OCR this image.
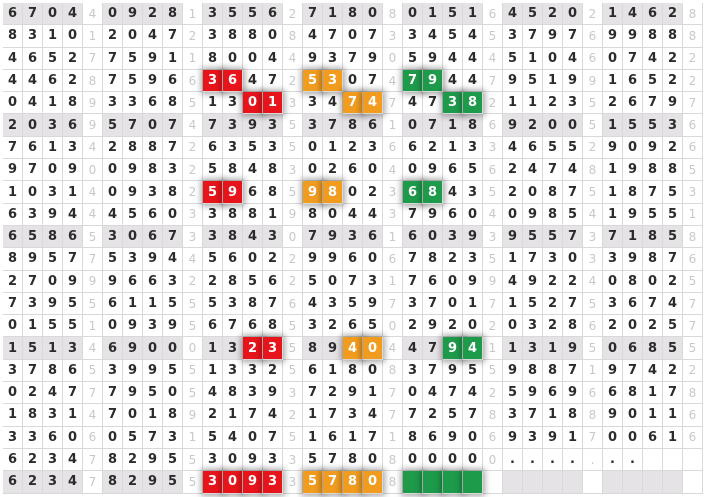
6 7 0 4 4 0 9 2 8 1 3 5 5 6 2 7 1 8 0 8 0 1 5 1 6 4 5 2 0 2 1 4 6 2 8
8 3 1 0 1 2 0 4 7 2 3 8 8 0 8 4 7 0 7 3 3 4 5 4 5 3 7 9 7 6 9 9 8 8 8
4 6 5 2 7 7 5 9 1 1 8 0 0 4 4 9 3 7 9 0 5 9 4 4 4 5 1 0 4 6 0 7 4 2 2
4 4 6 2 8 7 5 9 6 6 3 6 4 7 2 5 3 0 7 4 7 9 4 4 7 9 5 1 9 9 1 6 5 2 2
0 4 1 8 9 3 3 6 8 5 1 3 0 1 3 3 4 7 4 7 4 7 3 8 2 1 1 2 3 5 2 6 7 9 7
2 0 3 6 9 5 7 0 7 4 7 3 9 3 5 3 7 8 6 1 0 7 1 8 6 9 2 0 0 5 1 5 5 3 6
7 6 1 3 4 2 8 8 7 2 6 3 5 3 5 0 1 2 3 6 6 2 1 3 3 4 6 5 5 2 9 0 9 2 6
9 7 0 9 0 0 9 8 3 2 5 8 4 8 3 0 2 6 0 4 0 9 6 5 6 2 4 7 4 8 1 9 8 8 5
1 0 3 1 4 0 9 3 8 2 5 9 6 8 5 9 8 0 2 3 6 8 4 3 5 2 0 8 7 5 1 8 7 5 3
6 3 9 4 4 4 5 6 0 3 3 8 8 1 9 8 0 4 4 3 7 9 6 0 4 0 9 8 5 4 1 9 5 5 1
6 5 8 6 5 3 0 6 7 3 3 8 4 3 0 7 9 3 6 1 6 0 3 9 3 9 5 5 7 3 7 1 8 5 8
8 9 5 7 7 5 3 9 4 4 5 6 0 2 2 9 9 6 0 6 7 8 2 3 5 1 7 3 0 3 3 9 8 7 6
2 7 0 9 9 9 6 6 3 2 2 8 5 6 2 5 0 7 3 1 7 6 0 9 9 4 9 2 2 4 0 8 0 2 5
7 3 9 5 5 6 1 1 5 5 5 3 8 7 6 4 3 5 9 7 3 7 0 1 7 1 5 2 7 5 3 6 7 4 7
0 1 5 5 1 0 9 3 9 5 6 7 6 8 5 3 2 6 5 0 2 9 2 0 2 0 3 2 8 6 2 0 2 5 7
1 5 1 3 4 6 9 0 0 0 1 3 2 3 5 8 9 4 0 4 4 7 9 4 1 1 3 1 9 5 0 6 8 5 5
3 7 8 6 5 3 9 9 5 5 1 3 3 2 5 6 1 8 0 8 3 7 9 5 5 9 8 8 7 1 9 7 4 2 2
0 2 4 7 7 7 9 5 0 5 4 8 3 9 3 7 2 9 1 7 0 4 7 4 2 5 9 6 9 6 6 8 1 7 8
1 8 3 1 4 7 0 1 8 9 2 1 7 4 2 1 7 3 4 7 7 2 5 7 8 3 7 1 8 8 9 0 1 1 6
3 3 6 0 6 0 5 7 3 1 5 4 0 7 5 1 6 1 7 1 8 6 9 0 6 9 3 9 1 7 0 0 6 1 6
6 2 3 4 7 8 2 9 5 5 3 0 9 3 3 5 7 8 0 8 0 0 0 0 0	.	.	.	.	.	.	.
6 2 3 4 7 8 2 9 5 5 3 0 9 3 3 5 7 8 0 8
